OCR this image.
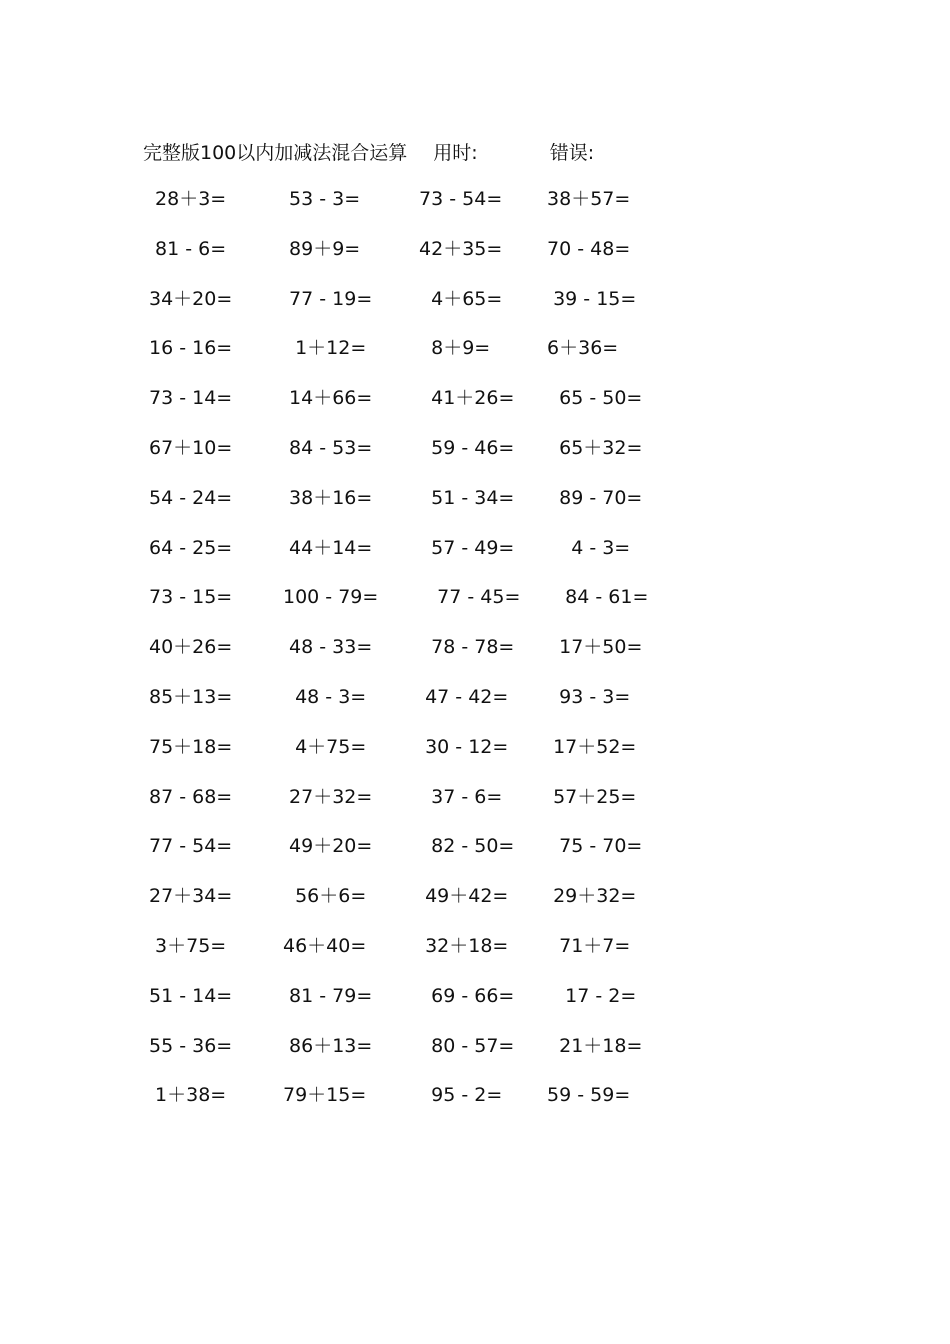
完整版100以内加减法混合运算 用时:	错误:
28＋3=	53 - 3=	73 - 54= 38＋57=
81 - 6=	89＋9=	42＋35= 70 - 48=
34＋20=	77 - 19= 4＋65= 39 - 15=
16 - 16=	1＋12= 8＋9=	6＋36=
73 - 14=	14＋66= 41＋26= 65 - 50=
67＋10=	84 - 53= 59 - 46= 65＋32=
54 - 24=	38＋16= 51 - 34= 89 - 70=
64 - 25=	44＋14= 57 - 49= 4 - 3=
73 - 15=	100 - 79= 77 - 45= 84 - 61=
40＋26=	48 - 33= 78 - 78= 17＋50=
85＋13=	48 - 3= 47 - 42= 93 - 3=
75＋18=	4＋75= 30 - 12= 17＋52=
87 - 68=	27＋32= 37 - 6= 57＋25=
77 - 54=	49＋20= 82 - 50= 75 - 70=
27＋34=	56＋6= 49＋42= 29＋32=
3＋75=	46＋40= 32＋18= 71＋7=
51 - 14=	81 - 79= 69 - 66= 17 - 2=
55 - 36=	86＋13= 80 - 57= 21＋18=
1＋38=	79＋15= 95 - 2= 59 - 59=
